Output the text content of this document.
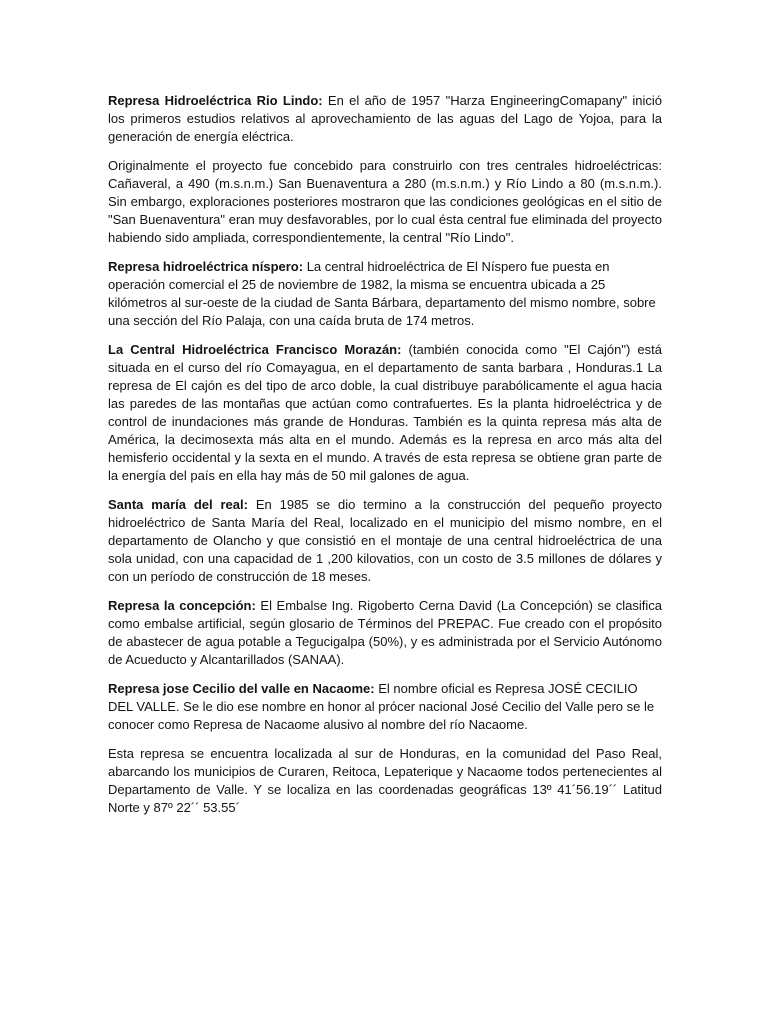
Represa Hidroeléctrica Rio Lindo: En el año de 1957 "Harza EngineeringComapany" inició los primeros estudios relativos al aprovechamiento de las aguas del Lago de Yojoa, para la generación de energía eléctrica.

Originalmente el proyecto fue concebido para construirlo con tres centrales hidroeléctricas: Cañaveral, a 490 (m.s.n.m.) San Buenaventura a 280 (m.s.n.m.) y Río Lindo a 80 (m.s.n.m.). Sin embargo, exploraciones posteriores mostraron que las condiciones geológicas en el sitio de "San Buenaventura" eran muy desfavorables, por lo cual ésta central fue eliminada del proyecto habiendo sido ampliada, correspondientemente, la central "Río Lindo".

Represa hidroeléctrica níspero: La central hidroeléctrica de El Níspero fue puesta en operación comercial el 25 de noviembre de 1982, la misma se encuentra ubicada a 25 kilómetros al sur-oeste de la ciudad de Santa Bárbara, departamento del mismo nombre, sobre una sección del Río Palaja, con una caída bruta de 174 metros.

La Central Hidroeléctrica Francisco Morazán: (también conocida como "El Cajón") está situada en el curso del río Comayagua, en el departamento de santa barbara , Honduras.1 La represa de El cajón es del tipo de arco doble, la cual distribuye parabólicamente el agua hacia las paredes de las montañas que actúan como contrafuertes. Es la planta hidroeléctrica y de control de inundaciones más grande de Honduras. También es la quinta represa más alta de América, la decimosexta más alta en el mundo. Además es la represa en arco más alta del hemisferio occidental y la sexta en el mundo. A través de esta represa se obtiene gran parte de la energía del país en ella hay más de 50 mil galones de agua.

Santa maría del real: En 1985 se dio termino a la construcción del pequeño proyecto hidroeléctrico de Santa María del Real, localizado en el municipio del mismo nombre, en el departamento de Olancho y que consistió en el montaje de una central hidroeléctrica de una sola unidad, con una capacidad de 1 ,200 kilovatios, con un costo de 3.5 millones de dólares y con un período de construcción de 18 meses.

Represa la concepción: El Embalse Ing. Rigoberto Cerna David (La Concepción) se clasifica como embalse artificial, según glosario de Términos del PREPAC. Fue creado con el propósito de abastecer de agua potable a Tegucigalpa (50%), y es administrada por el Servicio Autónomo de Acueducto y Alcantarillados (SANAA).

Represa jose Cecilio del valle en Nacaome: El nombre oficial es Represa JOSÉ CECILIO DEL VALLE. Se le dio ese nombre en honor al prócer nacional José Cecilio del Valle pero se le conocer como Represa de Nacaome alusivo al nombre del río Nacaome.

Esta represa se encuentra localizada al sur de Honduras, en la comunidad del Paso Real, abarcando los municipios de Curaren, Reitoca, Lepaterique y Nacaome todos pertenecientes al Departamento de Valle. Y se localiza en las coordenadas geográficas 13º 41´56.19´´ Latitud Norte y 87º 22´´ 53.55´
